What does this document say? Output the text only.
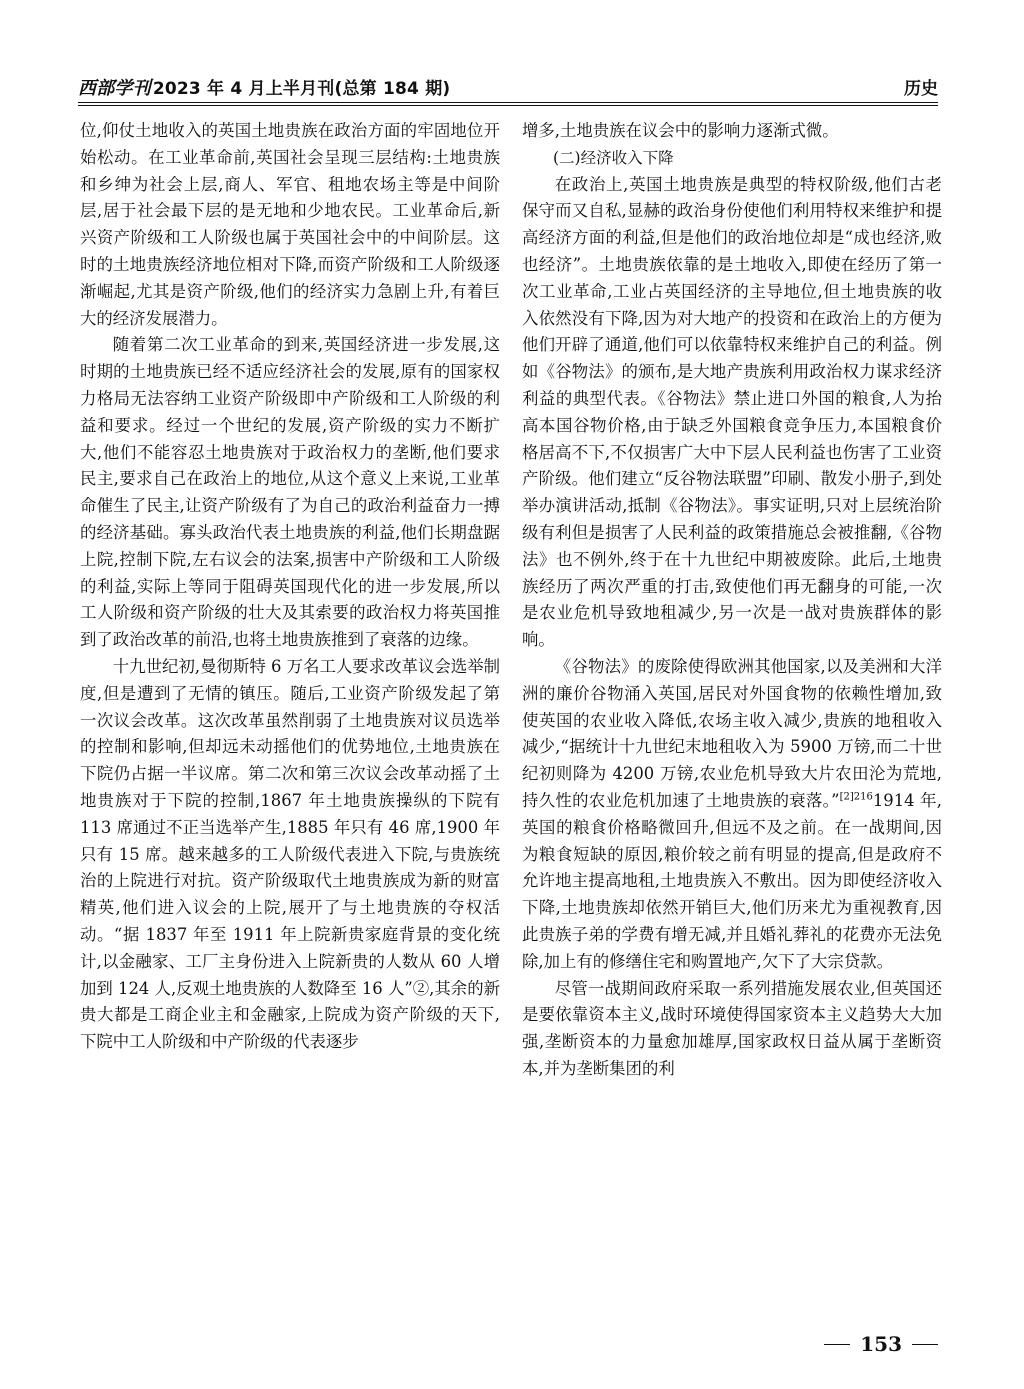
西部学刊 2023 年 4 月上半月刊(总第 184 期)	历史

位,仰仗土地收入的英国土地贵族在政治方面的牢固地位开始松动。在工业革命前,英国社会呈现三层结构:土地贵族和乡绅为社会上层,商人、军官、租地农场主等是中间阶层,居于社会最下层的是无地和少地农民。工业革命后,新兴资产阶级和工人阶级也属于英国社会中的中间阶层。这时的土地贵族经济地位相对下降,而资产阶级和工人阶级逐渐崛起,尤其是资产阶级,他们的经济实力急剧上升,有着巨大的经济发展潜力。

随着第二次工业革命的到来,英国经济进一步发展,这时期的土地贵族已经不适应经济社会的发展,原有的国家权力格局无法容纳工业资产阶级即中产阶级和工人阶级的利益和要求。经过一个世纪的发展,资产阶级的实力不断扩大,他们不能容忍土地贵族对于政治权力的垄断,他们要求民主,要求自己在政治上的地位,从这个意义上来说,工业革命催生了民主,让资产阶级有了为自己的政治利益奋力一搏的经济基础。寡头政治代表土地贵族的利益,他们长期盘踞上院,控制下院,左右议会的法案,损害中产阶级和工人阶级的利益,实际上等同于阻碍英国现代化的进一步发展,所以工人阶级和资产阶级的壮大及其索要的政治权力将英国推到了政治改革的前沿,也将土地贵族推到了衰落的边缘。

十九世纪初,曼彻斯特 6 万名工人要求改革议会选举制度,但是遭到了无情的镇压。随后,工业资产阶级发起了第一次议会改革。这次改革虽然削弱了土地贵族对议员选举的控制和影响,但却远未动摇他们的优势地位,土地贵族在下院仍占据一半议席。第二次和第三次议会改革动摇了土地贵族对于下院的控制,1867 年土地贵族操纵的下院有 113 席通过不正当选举产生,1885 年只有 46 席,1900 年只有 15 席。越来越多的工人阶级代表进入下院,与贵族统治的上院进行对抗。资产阶级取代土地贵族成为新的财富精英,他们进入议会的上院,展开了与土地贵族的夺权活动。“据 1837 年至 1911 年上院新贵家庭背景的变化统计,以金融家、工厂主身份进入上院新贵的人数从 60 人增加到 124 人,反观土地贵族的人数降至 16 人”②,其余的新贵大都是工商企业主和金融家,上院成为资产阶级的天下,下院中工人阶级和中产阶级的代表逐步

增多,土地贵族在议会中的影响力逐渐式微。

(二)经济收入下降

在政治上,英国土地贵族是典型的特权阶级,他们古老保守而又自私,显赫的政治身份使他们利用特权来维护和提高经济方面的利益,但是他们的政治地位却是“成也经济,败也经济”。土地贵族依靠的是土地收入,即使在经历了第一次工业革命,工业占英国经济的主导地位,但土地贵族的收入依然没有下降,因为对大地产的投资和在政治上的方便为他们开辟了通道,他们可以依靠特权来维护自己的利益。例如《谷物法》的颁布,是大地产贵族利用政治权力谋求经济利益的典型代表。《谷物法》禁止进口外国的粮食,人为抬高本国谷物价格,由于缺乏外国粮食竞争压力,本国粮食价格居高不下,不仅损害广大中下层人民利益也伤害了工业资产阶级。他们建立“反谷物法联盟”印刷、散发小册子,到处举办演讲活动,抵制《谷物法》。事实证明,只对上层统治阶级有利但是损害了人民利益的政策措施总会被推翻,《谷物法》也不例外,终于在十九世纪中期被废除。此后,土地贵族经历了两次严重的打击,致使他们再无翻身的可能,一次是农业危机导致地租减少,另一次是一战对贵族群体的影响。

《谷物法》的废除使得欧洲其他国家,以及美洲和大洋洲的廉价谷物涌入英国,居民对外国食物的依赖性增加,致使英国的农业收入降低,农场主收入减少,贵族的地租收入减少,“据统计十九世纪末地租收入为 5900 万镑,而二十世纪初则降为 4200 万镑,农业危机导致大片农田沦为荒地,持久性的农业危机加速了土地贵族的衰落。”$^{[2]216}$1914 年,英国的粮食价格略微回升,但远不及之前。在一战期间,因为粮食短缺的原因,粮价较之前有明显的提高,但是政府不允许地主提高地租,土地贵族入不敷出。因为即使经济收入下降,土地贵族却依然开销巨大,他们历来尤为重视教育,因此贵族子弟的学费有增无减,并且婚礼葬礼的花费亦无法免除,加上有的修缮住宅和购置地产,欠下了大宗贷款。

尽管一战期间政府采取一系列措施发展农业,但英国还是要依靠资本主义,战时环境使得国家资本主义趋势大大加强,垄断资本的力量愈加雄厚,国家政权日益从属于垄断资本,并为垄断集团的利

153
